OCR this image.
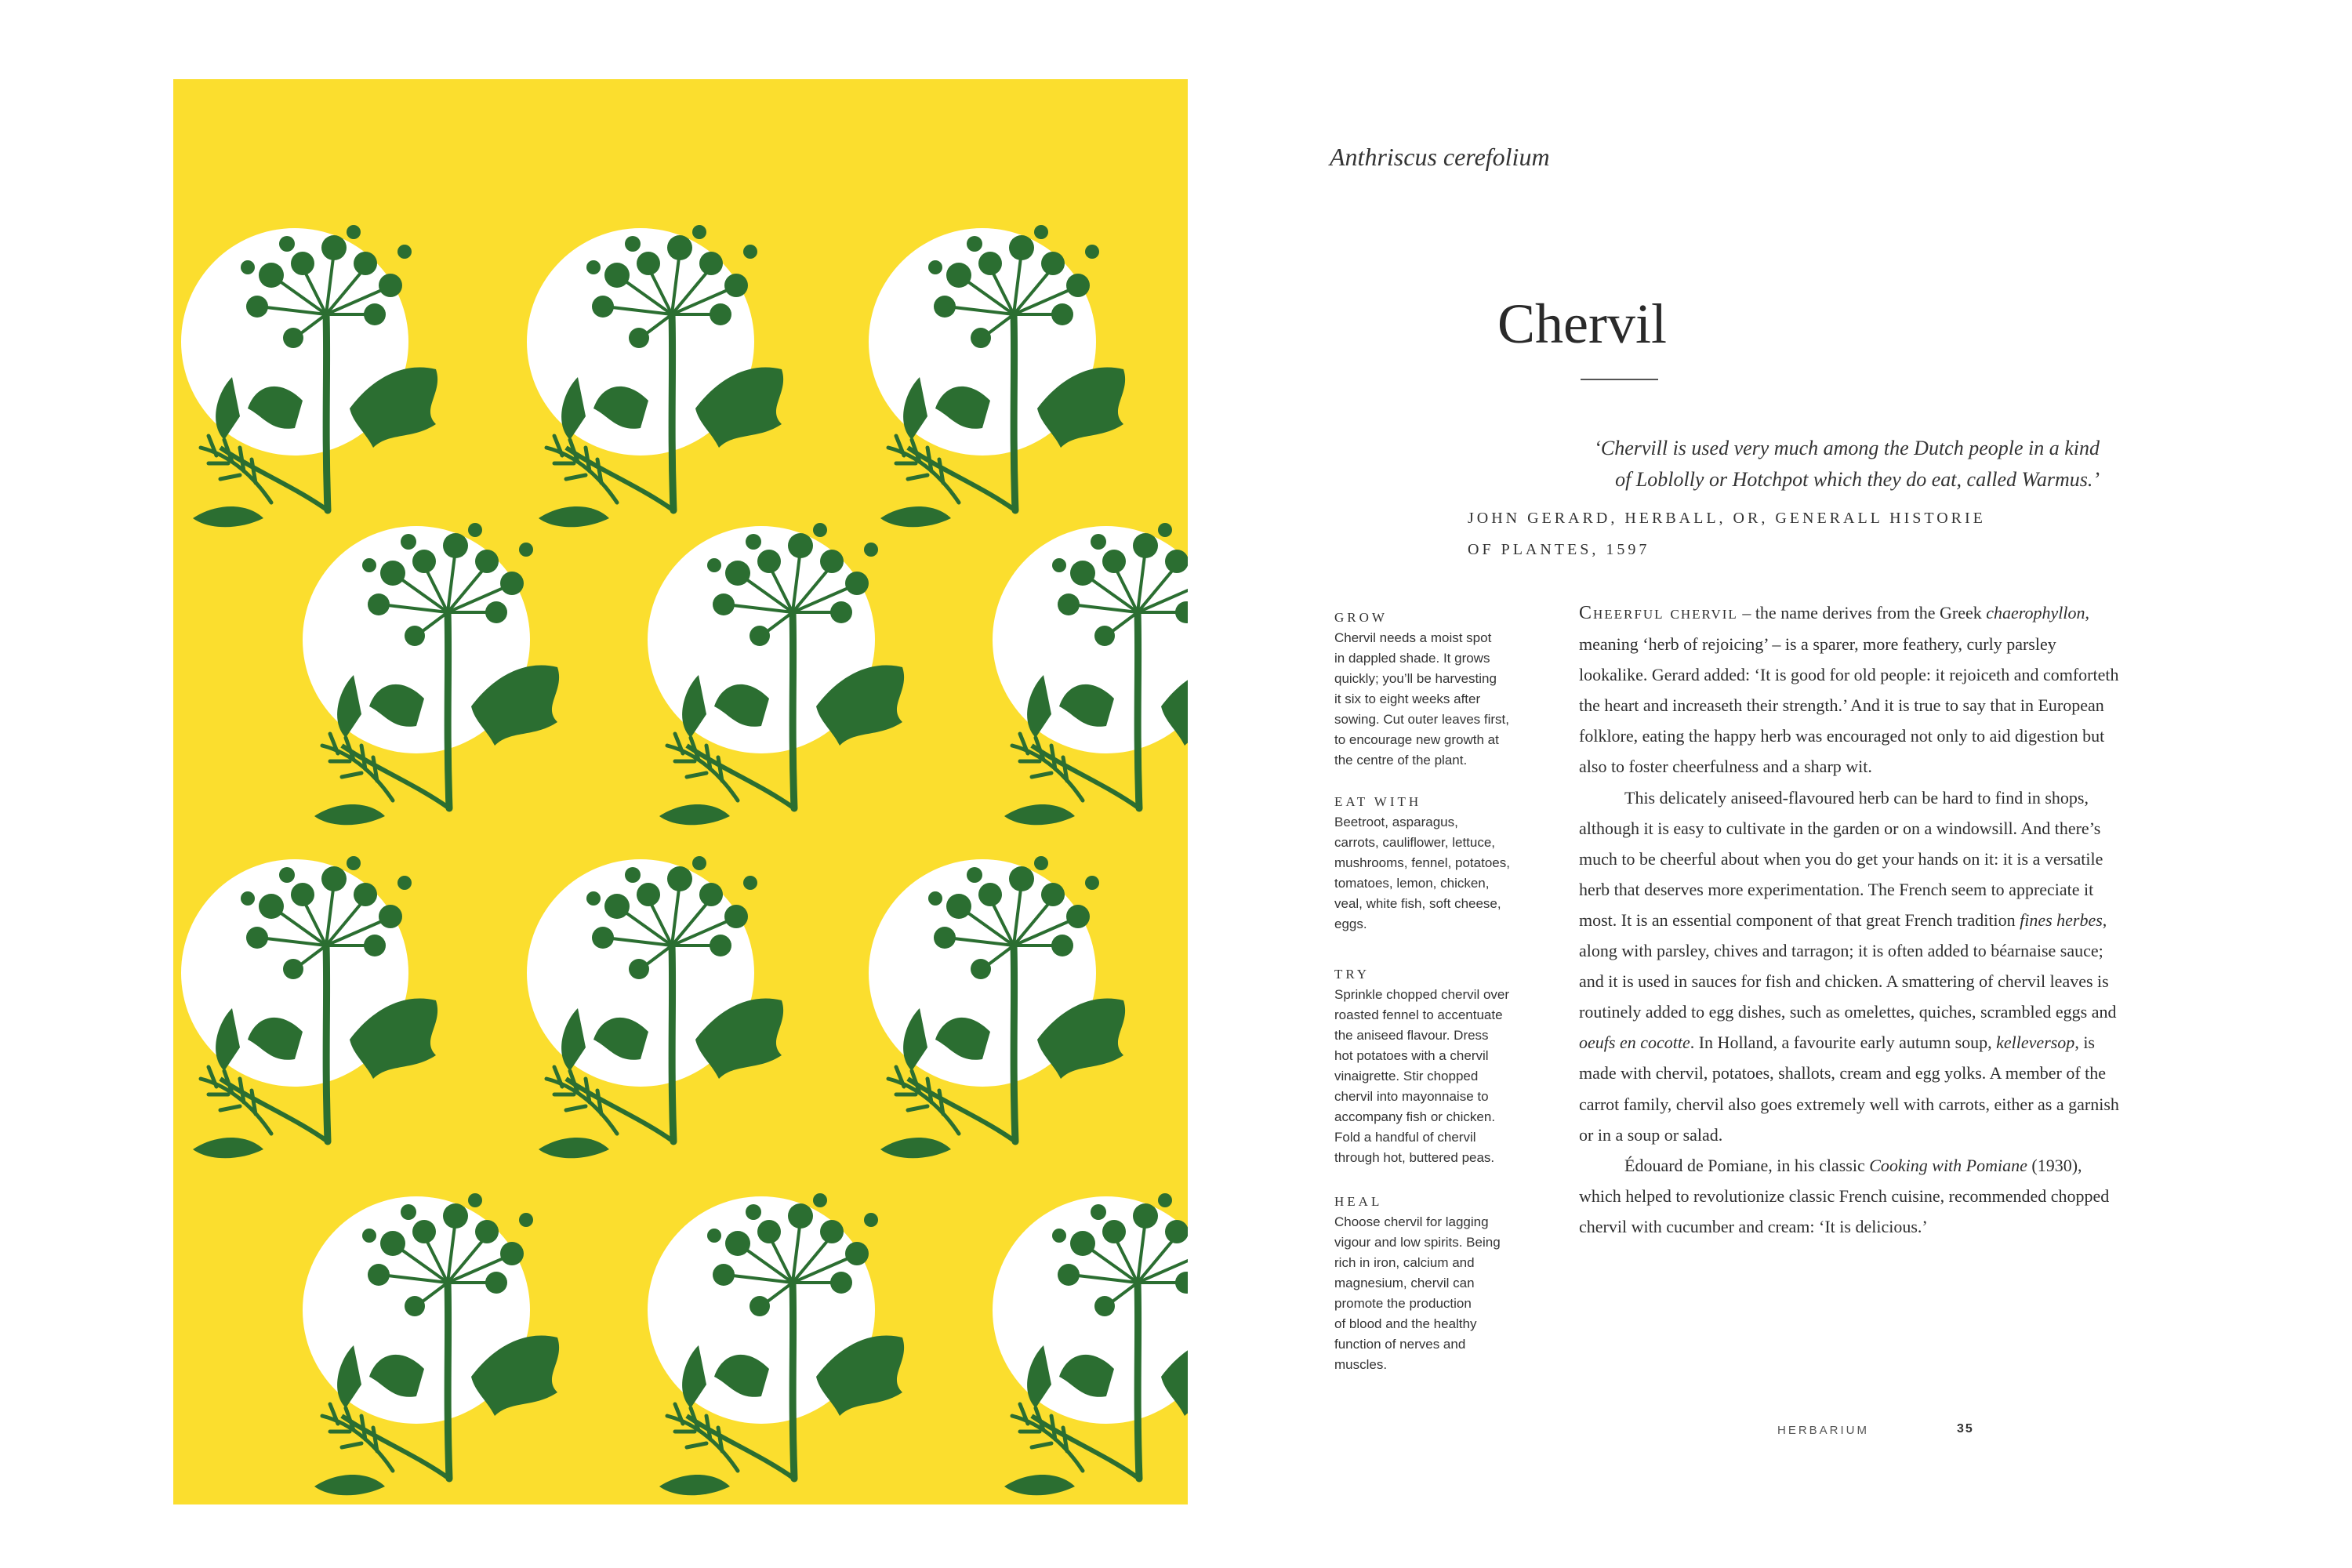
Anthriscus cerefolium
Chervil
‘Chervill is used very much among the Dutch people in a kind
of Loblolly or Hotchpot which they do eat, called Warmus.’
JOHN GERARD, HERBALL, OR, GENERALL HISTORIE
OF PLANTES, 1597
GROW
Chervil needs a moist spot
in dappled shade. It grows
quickly; you’ll be harvesting
it six to eight weeks after
sowing. Cut outer leaves first,
to encourage new growth at
the centre of the plant.
EAT WITH
Beetroot, asparagus,
carrots, cauliflower, lettuce,
mushrooms, fennel, potatoes,
tomatoes, lemon, chicken,
veal, white fish, soft cheese,
eggs.
TRY
Sprinkle chopped chervil over
roasted fennel to accentuate
the aniseed flavour. Dress
hot potatoes with a chervil
vinaigrette. Stir chopped
chervil into mayonnaise to
accompany fish or chicken.
Fold a handful of chervil
through hot, buttered peas.
HEAL
Choose chervil for lagging
vigour and low spirits. Being
rich in iron, calcium and
magnesium, chervil can
promote the production
of blood and the healthy
function of nerves and
muscles.

Cheerful chervil – the name derives from the Greek chaerophyllon, meaning ‘herb of rejoicing’ – is a sparer, more feathery, curly parsley lookalike. Gerard added: ‘It is good for old people: it rejoiceth and comforteth the heart and increaseth their strength.’ And it is true to say that in European folklore, eating the happy herb was encouraged not only to aid digestion but also to foster cheerfulness and a sharp wit.

This delicately aniseed-flavoured herb can be hard to find in shops, although it is easy to cultivate in the garden or on a windowsill. And there’s much to be cheerful about when you do get your hands on it: it is a versatile herb that deserves more experimentation. The French seem to appreciate it most. It is an essential component of that great French tradition fines herbes, along with parsley, chives and tarragon; it is often added to béarnaise sauce; and it is used in sauces for fish and chicken. A smattering of chervil leaves is routinely added to egg dishes, such as omelettes, quiches, scrambled eggs and oeufs en cocotte. In Holland, a favourite early autumn soup, kelleversop, is made with chervil, potatoes, shallots, cream and egg yolks. A member of the carrot family, chervil also goes extremely well with carrots, either as a garnish or in a soup or salad.

Édouard de Pomiane, in his classic Cooking with Pomiane (1930), which helped to revolutionize classic French cuisine, recommended chopped chervil with cucumber and cream: ‘It is delicious.’

HERBARIUM	35
